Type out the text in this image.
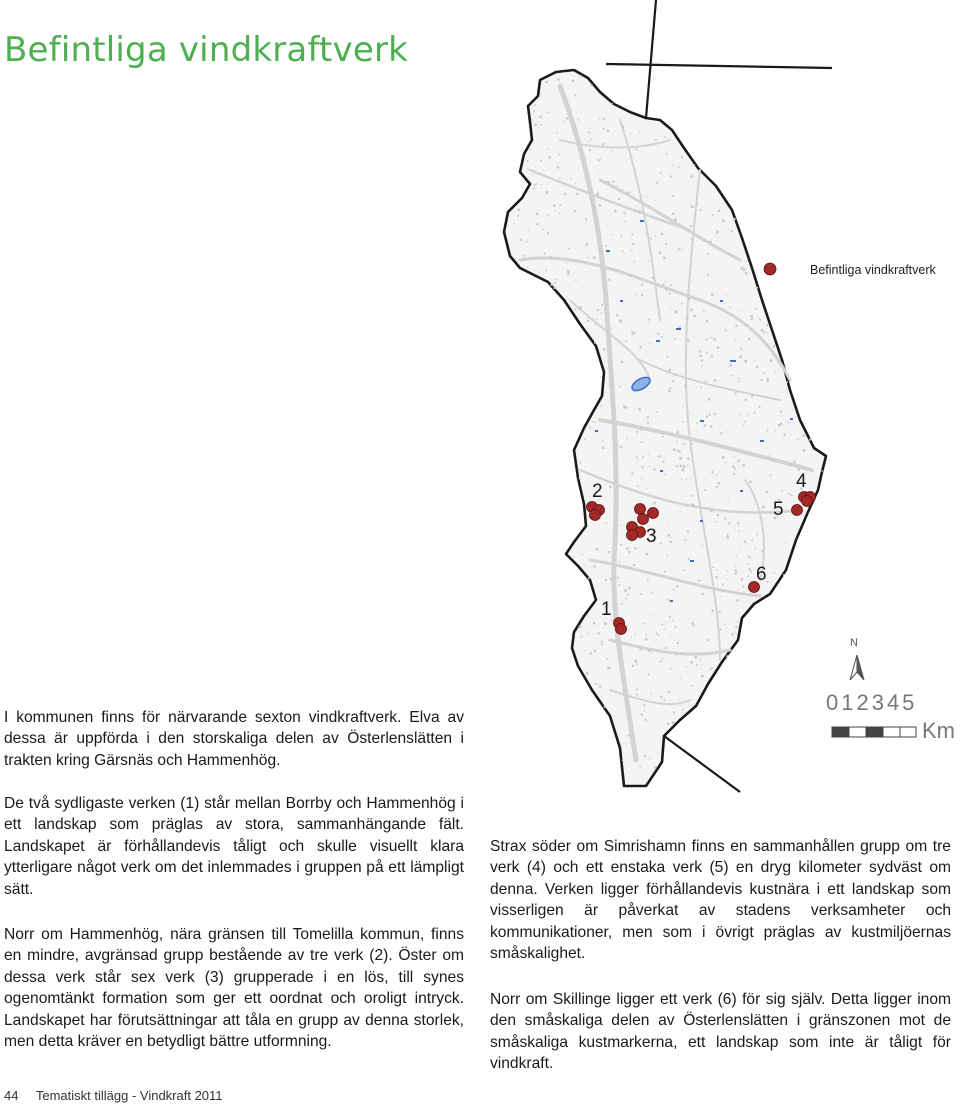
Befintliga vindkraftverk
Befintliga vindkraftverk
N
012345
Km
1
2
3
4
5
6

I kommunen finns för närvarande sexton vindkraftverk. Elva av dessa är uppförda i den storskaliga delen av Österlenslätten i trakten kring Gärsnäs och Hammenhög.

De två sydligaste verken (1) står mellan Borrby och Hammenhög i ett landskap som präglas av stora, sammanhängande fält. Landskapet är förhållandevis tåligt och skulle visuellt klara ytterligare något verk om det inlemmades i gruppen på ett lämpligt sätt.

Norr om Hammenhög, nära gränsen till Tomelilla kommun, finns en mindre, avgränsad grupp bestående av tre verk (2). Öster om dessa verk står sex verk (3) grupperade i en lös, till synes ogenomtänkt formation som ger ett oordnat och oroligt intryck. Landskapet har förutsättningar att tåla en grupp av denna storlek, men detta kräver en betydligt bättre utformning.

Strax söder om Simrishamn finns en sammanhållen grupp om tre verk (4) och ett enstaka verk (5) en dryg kilometer sydväst om denna. Verken ligger förhållandevis kustnära i ett landskap som visserligen är påverkat av stadens verksamheter och kommunikationer, men som i övrigt präglas av kustmiljöernas småskalighet.

Norr om Skillinge ligger ett verk (6) för sig själv. Detta ligger inom den småskaliga delen av Österlenslätten i gränszonen mot de småskaliga kustmarkerna, ett landskap som inte är tåligt för vindkraft.

44 Tematiskt tillägg - Vindkraft 2011
